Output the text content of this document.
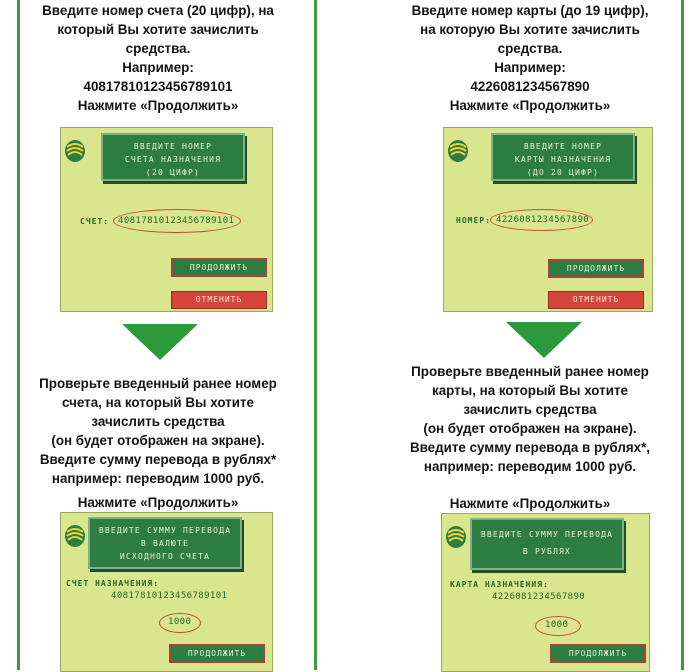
Введите номер счета (20 цифр), на
который Вы хотите зачислить
средства.
Например:
40817810123456789101
Нажмите «Продолжить»
ВВЕДИТЕ НОМЕР
СЧЕТА НАЗНАЧЕНИЯ
(20 ЦИФР)
СЧЕТ: 40817810123456789101
ПРОДОЛЖИТЬ
ОТМЕНИТЬ
Проверьте введенный ранее номер
счета, на который Вы хотите
зачислить средства
(он будет отображен на экране).
Введите сумму перевода в рублях*
например: переводим 1000 руб.
Нажмите «Продолжить»
ВВЕДИТЕ СУММУ ПЕРЕВОДА
В ВАЛЮТЕ
ИСХОДНОГО СЧЕТА
СЧЕТ НАЗНАЧЕНИЯ:
40817810123456789101
1000
ПРОДОЛЖИТЬ
Введите номер карты (до 19 цифр),
на которую Вы хотите зачислить
средства.
Например:
4226081234567890
Нажмите «Продолжить»
ВВЕДИТЕ НОМЕР
КАРТЫ НАЗНАЧЕНИЯ
(ДО 20 ЦИФР)
НОМЕР: 4226081234567890
ПРОДОЛЖИТЬ
ОТМЕНИТЬ
Проверьте введенный ранее номер
карты, на который Вы хотите
зачислить средства
(он будет отображен на экране).
Введите сумму перевода в рублях*,
например: переводим 1000 руб.
Нажмите «Продолжить»
ВВЕДИТЕ СУММУ ПЕРЕВОДА
В РУБЛЯХ
КАРТА НАЗНАЧЕНИЯ:
4226081234567890
1000
ПРОДОЛЖИТЬ
